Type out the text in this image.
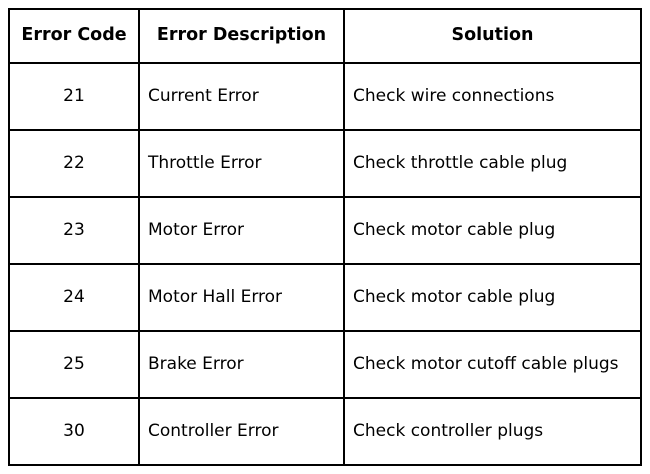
Error Code	Error Description	Solution
21	Current Error	Check wire connections
22	Throttle Error	Check throttle cable plug
23	Motor Error	Check motor cable plug
24	Motor Hall Error	Check motor cable plug
25	Brake Error	Check motor cutoff cable plugs
30	Controller Error	Check controller plugs
